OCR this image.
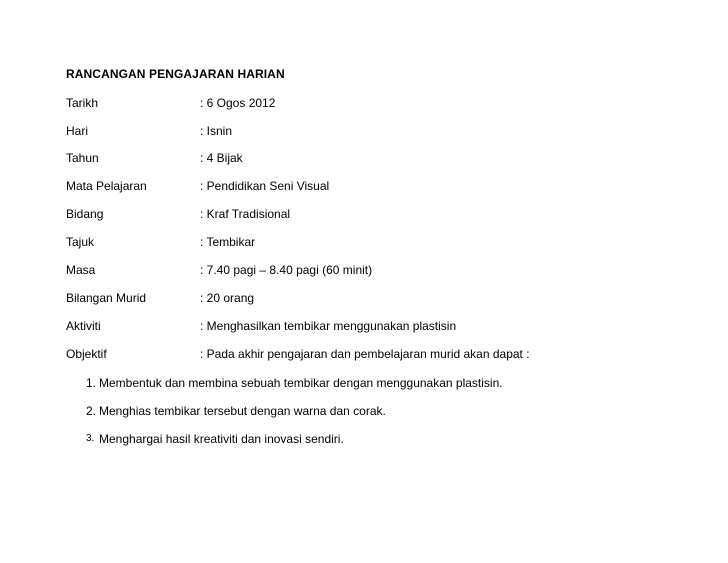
RANCANGAN PENGAJARAN HARIAN
Tarikh	: 6 Ogos 2012
Hari	: Isnin
Tahun	: 4 Bijak
Mata Pelajaran	: Pendidikan Seni Visual
Bidang	: Kraf Tradisional
Tajuk	: Tembikar
Masa	: 7.40 pagi – 8.40 pagi (60 minit)
Bilangan Murid	: 20 orang
Aktiviti	: Menghasilkan tembikar menggunakan plastisin
Objektif	: Pada akhir pengajaran dan pembelajaran murid akan dapat :
1. Membentuk dan membina sebuah tembikar dengan menggunakan plastisin.
2. Menghias tembikar tersebut dengan warna dan corak.
3. Menghargai hasil kreativiti dan inovasi sendiri.
